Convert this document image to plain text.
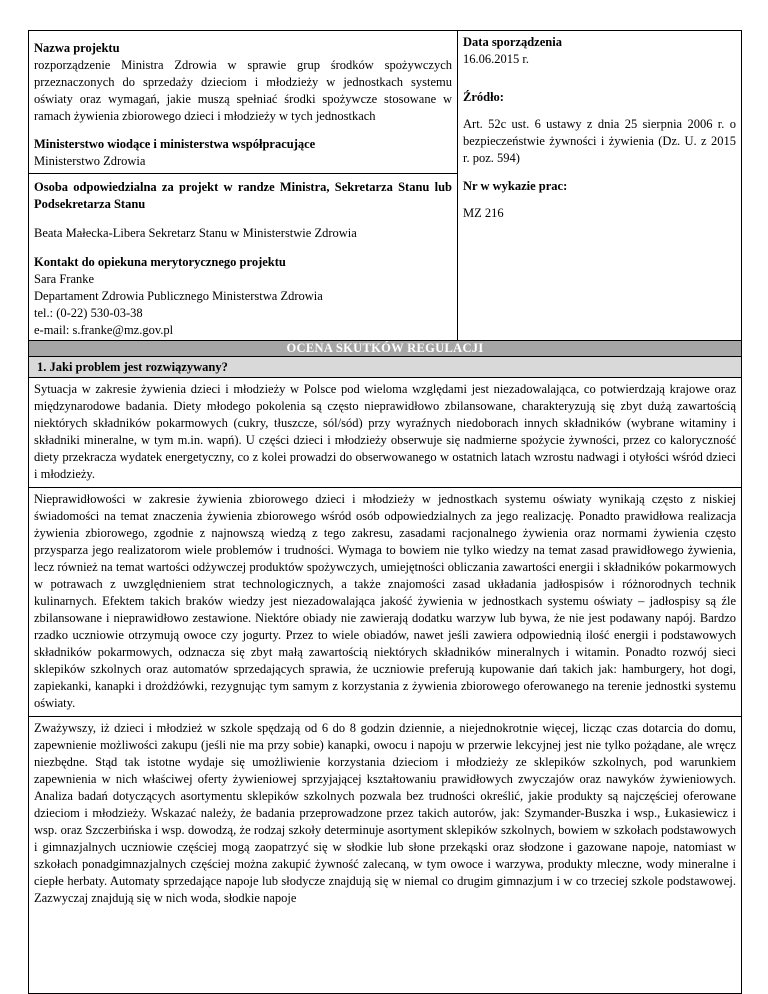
Nazwa projektu
rozporządzenie Ministra Zdrowia w sprawie grup środków spożywczych przeznaczonych do sprzedaży dzieciom i młodzieży w jednostkach systemu oświaty oraz wymagań, jakie muszą spełniać środki spożywcze stosowane w ramach żywienia zbiorowego dzieci i młodzieży w tych jednostkach
Ministerstwo wiodące i ministerstwa współpracujące
Ministerstwo Zdrowia
Osoba odpowiedzialna za projekt w randze Ministra, Sekretarza Stanu lub Podsekretarza Stanu
Beata Małecka-Libera Sekretarz Stanu w Ministerstwie Zdrowia
Kontakt do opiekuna merytorycznego projektu
Sara Franke
Departament Zdrowia Publicznego Ministerstwa Zdrowia
tel.: (0-22) 530-03-38
e-mail: s.franke@mz.gov.pl
Data sporządzenia
16.06.2015 r.
Źródło:
Art. 52c ust. 6 ustawy z dnia 25 sierpnia 2006 r. o bezpieczeństwie żywności i żywienia (Dz. U. z 2015 r. poz. 594)
Nr w wykazie prac:
MZ 216
OCENA SKUTKÓW REGULACJI
1. Jaki problem jest rozwiązywany?
Sytuacja w zakresie żywienia dzieci i młodzieży w Polsce pod wieloma względami jest niezadowalająca, co potwierdzają krajowe oraz międzynarodowe badania. Diety młodego pokolenia są często nieprawidłowo zbilansowane, charakteryzują się zbyt dużą zawartością niektórych składników pokarmowych (cukry, tłuszcze, sól/sód) przy wyraźnych niedoborach innych składników (wybrane witaminy i składniki mineralne, w tym m.in. wapń). U części dzieci i młodzieży obserwuje się nadmierne spożycie żywności, przez co kaloryczność diety przekracza wydatek energetyczny, co z kolei prowadzi do obserwowanego w ostatnich latach wzrostu nadwagi i otyłości wśród dzieci i młodzieży.
Nieprawidłowości w zakresie żywienia zbiorowego dzieci i młodzieży w jednostkach systemu oświaty wynikają często z niskiej świadomości na temat znaczenia żywienia zbiorowego wśród osób odpowiedzialnych za jego realizację. Ponadto prawidłowa realizacja żywienia zbiorowego, zgodnie z najnowszą wiedzą z tego zakresu, zasadami racjonalnego żywienia oraz normami żywienia często przysparza jego realizatorom wiele problemów i trudności. Wymaga to bowiem nie tylko wiedzy na temat zasad prawidłowego żywienia, lecz również na temat wartości odżywczej produktów spożywczych, umiejętności obliczania zawartości energii i składników pokarmowych w potrawach z uwzględnieniem strat technologicznych, a także znajomości zasad układania jadłospisów i różnorodnych technik kulinarnych. Efektem takich braków wiedzy jest niezadowalająca jakość żywienia w jednostkach systemu oświaty – jadłospisy są źle zbilansowane i nieprawidłowo zestawione. Niektóre obiady nie zawierają dodatku warzyw lub bywa, że nie jest podawany napój. Bardzo rzadko uczniowie otrzymują owoce czy jogurty. Przez to wiele obiadów, nawet jeśli zawiera odpowiednią ilość energii i podstawowych składników pokarmowych, odznacza się zbyt małą zawartością niektórych składników mineralnych i witamin. Ponadto rozwój sieci sklepików szkolnych oraz automatów sprzedających sprawia, że uczniowie preferują kupowanie dań takich jak: hamburgery, hot dogi, zapiekanki, kanapki i drożdżówki, rezygnując tym samym z korzystania z żywienia zbiorowego oferowanego na terenie jednostki systemu oświaty.
Zważywszy, iż dzieci i młodzież w szkole spędzają od 6 do 8 godzin dziennie, a niejednokrotnie więcej, licząc czas dotarcia do domu, zapewnienie możliwości zakupu (jeśli nie ma przy sobie) kanapki, owocu i napoju w przerwie lekcyjnej jest nie tylko pożądane, ale wręcz niezbędne. Stąd tak istotne wydaje się umożliwienie korzystania dzieciom i młodzieży ze sklepików szkolnych, pod warunkiem zapewnienia w nich właściwej oferty żywieniowej sprzyjającej kształtowaniu prawidłowych zwyczajów oraz nawyków żywieniowych. Analiza badań dotyczących asortymentu sklepików szkolnych pozwala bez trudności określić, jakie produkty są najczęściej oferowane dzieciom i młodzieży. Wskazać należy, że badania przeprowadzone przez takich autorów, jak: Szymander-Buszka i wsp., Łukasiewicz i wsp. oraz Szczerbińska i wsp. dowodzą, że rodzaj szkoły determinuje asortyment sklepików szkolnych, bowiem w szkołach podstawowych i gimnazjalnych uczniowie częściej mogą zaopatrzyć się w słodkie lub słone przekąski oraz słodzone i gazowane napoje, natomiast w szkołach ponadgimnazjalnych częściej można zakupić żywność zalecaną, w tym owoce i warzywa, produkty mleczne, wody mineralne i ciepłe herbaty. Automaty sprzedające napoje lub słodycze znajdują się w niemal co drugim gimnazjum i w co trzeciej szkole podstawowej. Zazwyczaj znajdują się w nich woda, słodkie napoje
